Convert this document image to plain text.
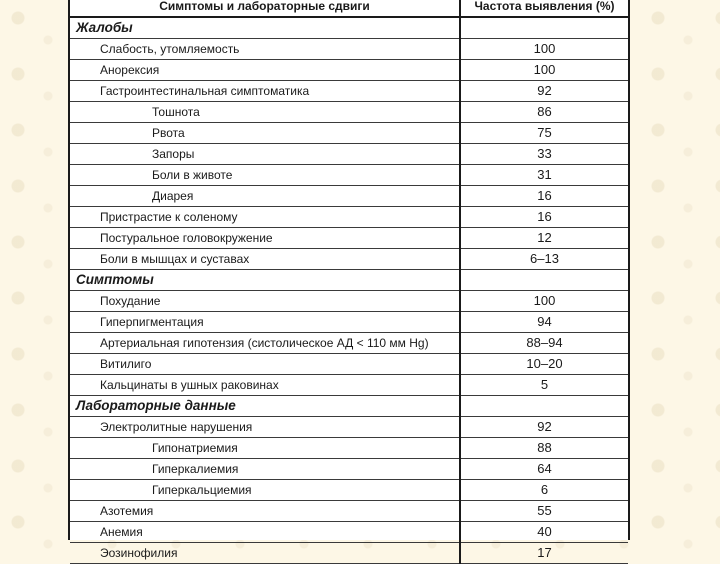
Симптомы и лабораторные сдвиги	Частота выявления (%)
Жалобы	
Слабость, утомляемость	100
Анорексия	100
Гастроинтестинальная симптоматика	92
Тошнота	86
Рвота	75
Запоры	33
Боли в животе	31
Диарея	16
Пристрастие к соленому	16
Постуральное головокружение	12
Боли в мышцах и суставах	6–13
Симптомы	
Похудание	100
Гиперпигментация	94
Артериальная гипотензия (систолическое АД < 110 мм Hg)	88–94
Витилиго	10–20
Кальцинаты в ушных раковинах	5
Лабораторные данные	
Электролитные нарушения	92
Гипонатриемия	88
Гиперкалиемия	64
Гиперкальциемия	6
Азотемия	55
Анемия	40
Эозинофилия	17
